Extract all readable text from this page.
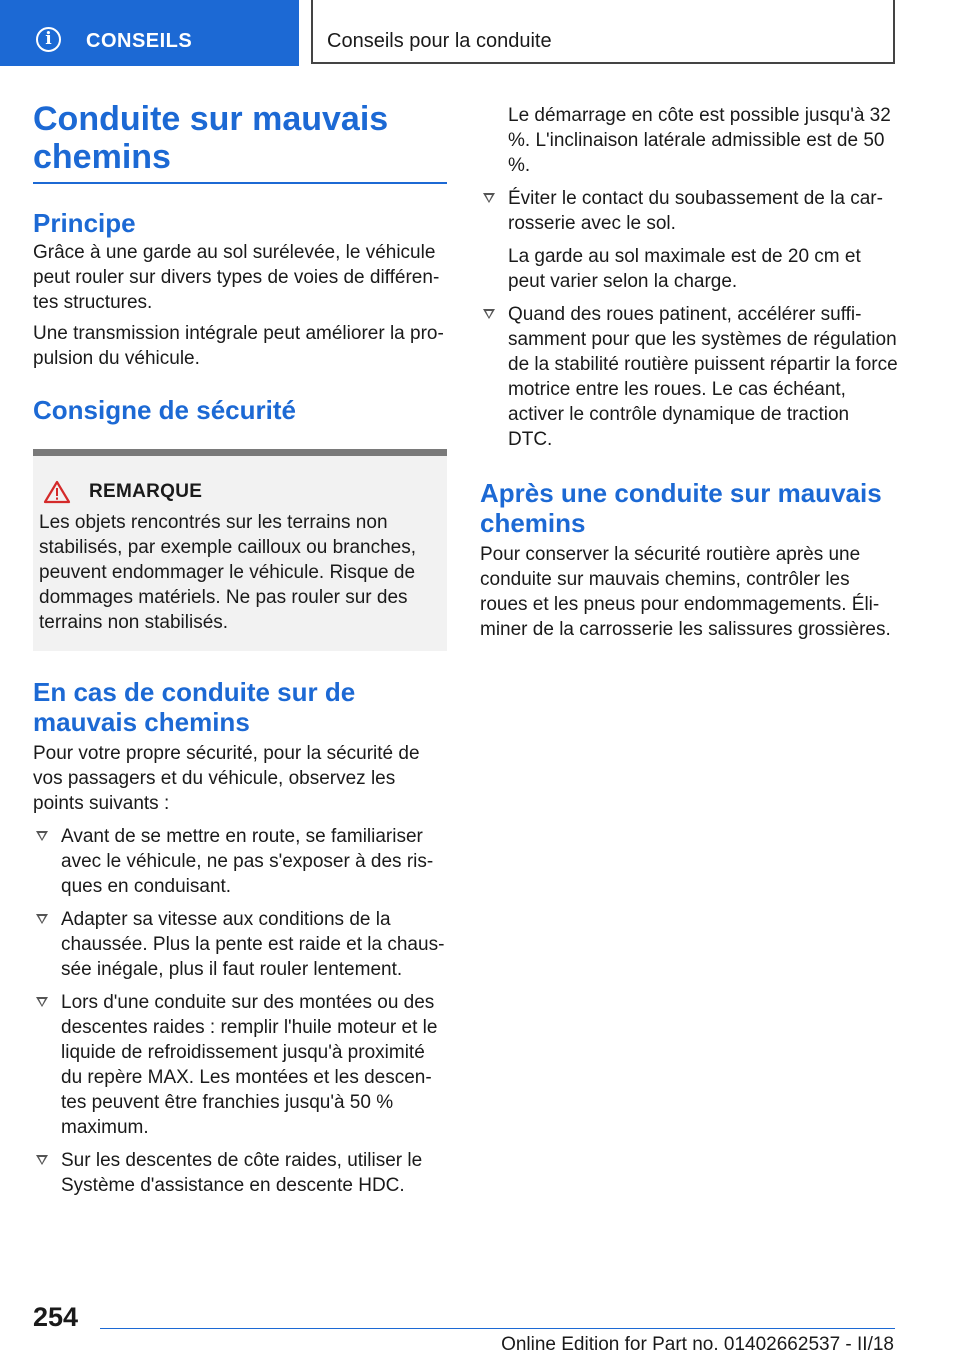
i	CONSEILS	Conseils pour la conduite
Conduite sur mauvais chemins
Principe

Grâce à une garde au sol surélevée, le véhicule peut rouler sur divers types de voies de différentes structures.

Une transmission intégrale peut améliorer la propulsion du véhicule.

Consigne de sécurité
REMARQUE

Les objets rencontrés sur les terrains non stabilisés, par exemple cailloux ou branches, peuvent endommager le véhicule. Risque de dommages matériels. Ne pas rouler sur des terrains non stabilisés.

En cas de conduite sur de mauvais chemins

Pour votre propre sécurité, pour la sécurité de vos passagers et du véhicule, observez les points suivants :

Avant de se mettre en route, se familiariser avec le véhicule, ne pas s'exposer à des risques en conduisant.

Adapter sa vitesse aux conditions de la chaussée. Plus la pente est raide et la chaussée inégale, plus il faut rouler lentement.

Lors d'une conduite sur des montées ou des descentes raides : remplir l'huile moteur et le liquide de refroidissement jusqu'à proximité du repère MAX. Les montées et les descentes peuvent être franchies jusqu'à 50 % maximum.

Sur les descentes de côte raides, utiliser le Système d'assistance en descente HDC.

Le démarrage en côte est possible jusqu'à 32 %. L'inclinaison latérale admissible est de 50 %.

Éviter le contact du soubassement de la carrosserie avec le sol.

La garde au sol maximale est de 20 cm et peut varier selon la charge.

Quand des roues patinent, accélérer suffisamment pour que les systèmes de régulation de la stabilité routière puissent répartir la force motrice entre les roues. Le cas échéant, activer le contrôle dynamique de traction DTC.

Après une conduite sur mauvais chemins

Pour conserver la sécurité routière après une conduite sur mauvais chemins, contrôler les roues et les pneus pour endommagements. Éliminer de la carrosserie les salissures grossières.

254
Online Edition for Part no. 01402662537 - II/18
